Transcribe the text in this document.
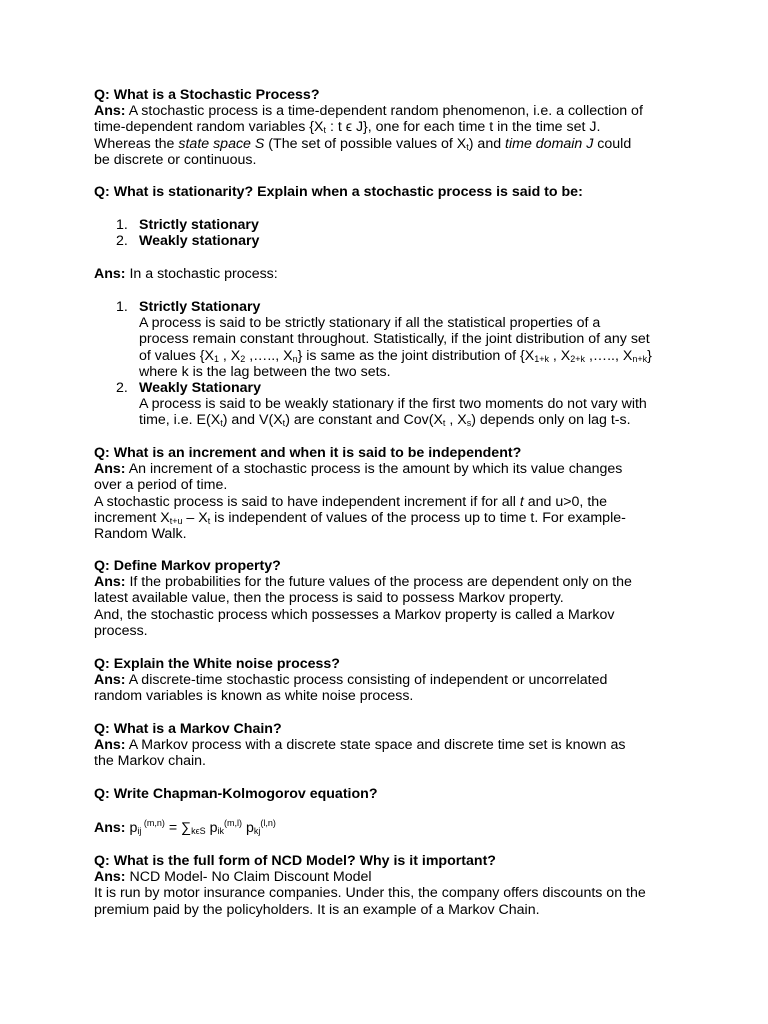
Q: What is a Stochastic Process?

Ans: A stochastic process is a time-dependent random phenomenon, i.e. a collection of
time-dependent random variables {$X_t$ : t ϵ J}, one for each time t in the time set J.
Whereas the state space S (The set of possible values of $X_t$) and time domain J could
be discrete or continuous.

Q: What is stationarity? Explain when a stochastic process is said to be:

1. Strictly stationary
2. Weakly stationary

Ans: In a stochastic process:

1. Strictly Stationary
A process is said to be strictly stationary if all the statistical properties of a
process remain constant throughout. Statistically, if the joint distribution of any set
of values {$X_1$ , $X_2$ ,….., $X_n$} is same as the joint distribution of {$X_{1+k}$ , $X_{2+k}$ ,….., $X_{n+k}$}
where k is the lag between the two sets.
2. Weakly Stationary
A process is said to be weakly stationary if the first two moments do not vary with
time, i.e. $E(X_t)$ and $V(X_t)$ are constant and $Cov(X_t$ , $X_s$) depends only on lag t-s.

Q: What is an increment and when it is said to be independent?

Ans: An increment of a stochastic process is the amount by which its value changes
over a period of time.
A stochastic process is said to have independent increment if for all t and u>0, the
increment $X_{t+u} - X_t$ is independent of values of the process up to time t. For example-
Random Walk.

Q: Define Markov property?

Ans: If the probabilities for the future values of the process are dependent only on the
latest available value, then the process is said to possess Markov property.
And, the stochastic process which possesses a Markov property is called a Markov
process.

Q: Explain the White noise process?

Ans: A discrete-time stochastic process consisting of independent or uncorrelated
random variables is known as white noise process.

Q: What is a Markov Chain?

Ans: A Markov process with a discrete state space and discrete time set is known as
the Markov chain.

Q: Write Chapman-Kolmogorov equation?

Ans: $p_{ij}$ $^{(m,n)} = \sum_{k\epsilon S}$ $p_{ik}^{(m,l)}$ $p_{kj}^{(l,n)}$

Q: What is the full form of NCD Model? Why is it important?

Ans: NCD Model- No Claim Discount Model
It is run by motor insurance companies. Under this, the company offers discounts on the
premium paid by the policyholders. It is an example of a Markov Chain.
